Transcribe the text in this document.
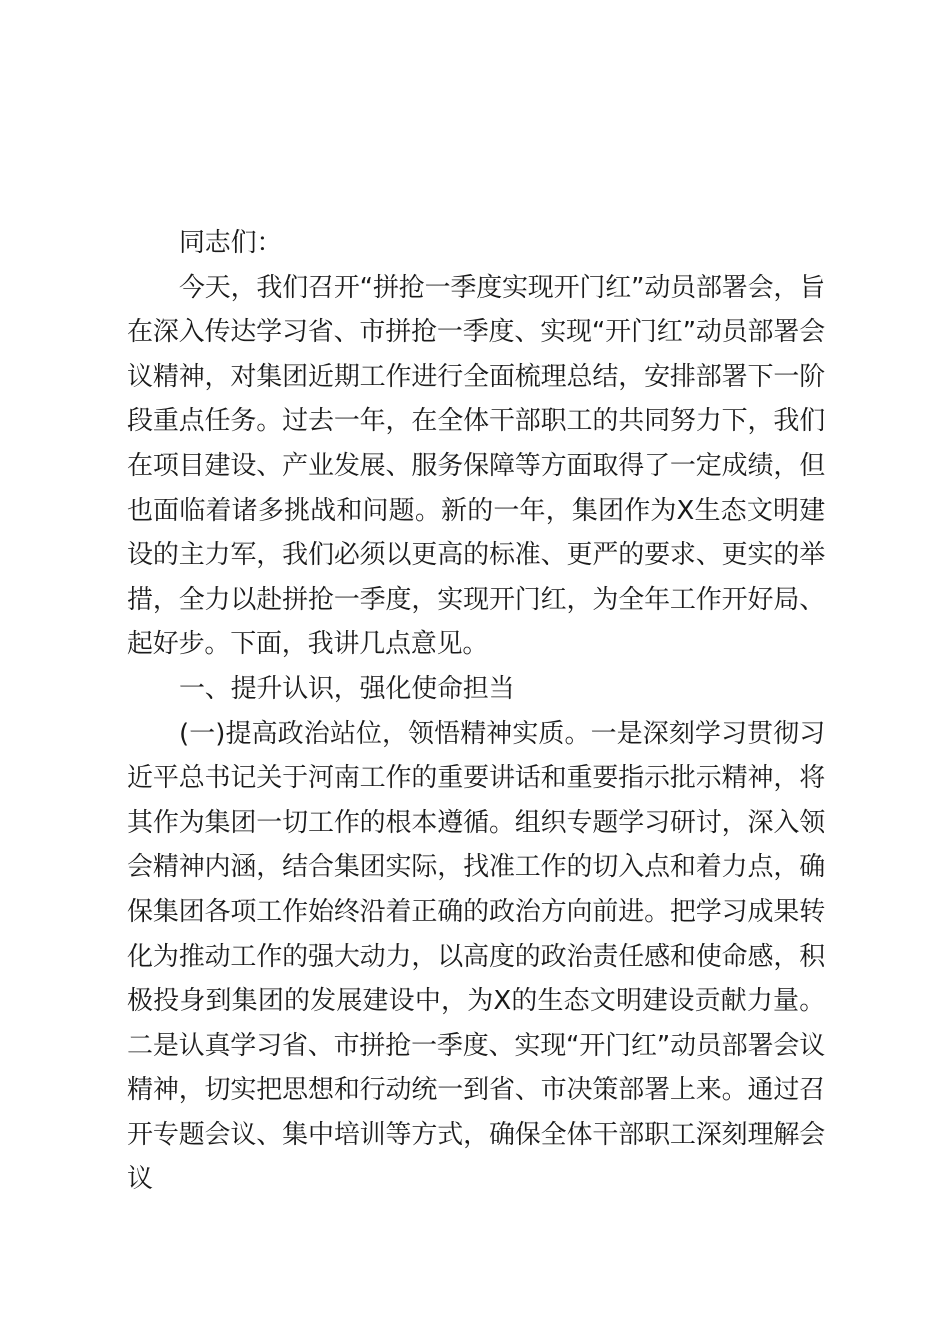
同志们：

今天，我们召开“拼抢一季度实现开门红”动员部署会，旨在深入传达学习省、市拼抢一季度、实现“开门红”动员部署会议精神，对集团近期工作进行全面梳理总结，安排部署下一阶段重点任务。过去一年，在全体干部职工的共同努力下，我们在项目建设、产业发展、服务保障等方面取得了一定成绩，但也面临着诸多挑战和问题。新的一年，集团作为Ⅹ生态文明建设的主力军，我们必须以更高的标准、更严的要求、更实的举措，全力以赴拼抢一季度，实现开门红，为全年工作开好局、起好步。下面，我讲几点意见。

一、提升认识，强化使命担当

(一)提高政治站位，领悟精神实质。一是深刻学习贯彻习近平总书记关于河南工作的重要讲话和重要指示批示精神，将其作为集团一切工作的根本遵循。组织专题学习研讨，深入领会精神内涵，结合集团实际，找准工作的切入点和着力点，确保集团各项工作始终沿着正确的政治方向前进。把学习成果转化为推动工作的强大动力，以高度的政治责任感和使命感，积极投身到集团的发展建设中，为Ⅹ的生态文明建设贡献力量。二是认真学习省、市拼抢一季度、实现“开门红”动员部署会议精神，切实把思想和行动统一到省、市决策部署上来。通过召开专题会议、集中培训等方式，确保全体干部职工深刻理解会议
